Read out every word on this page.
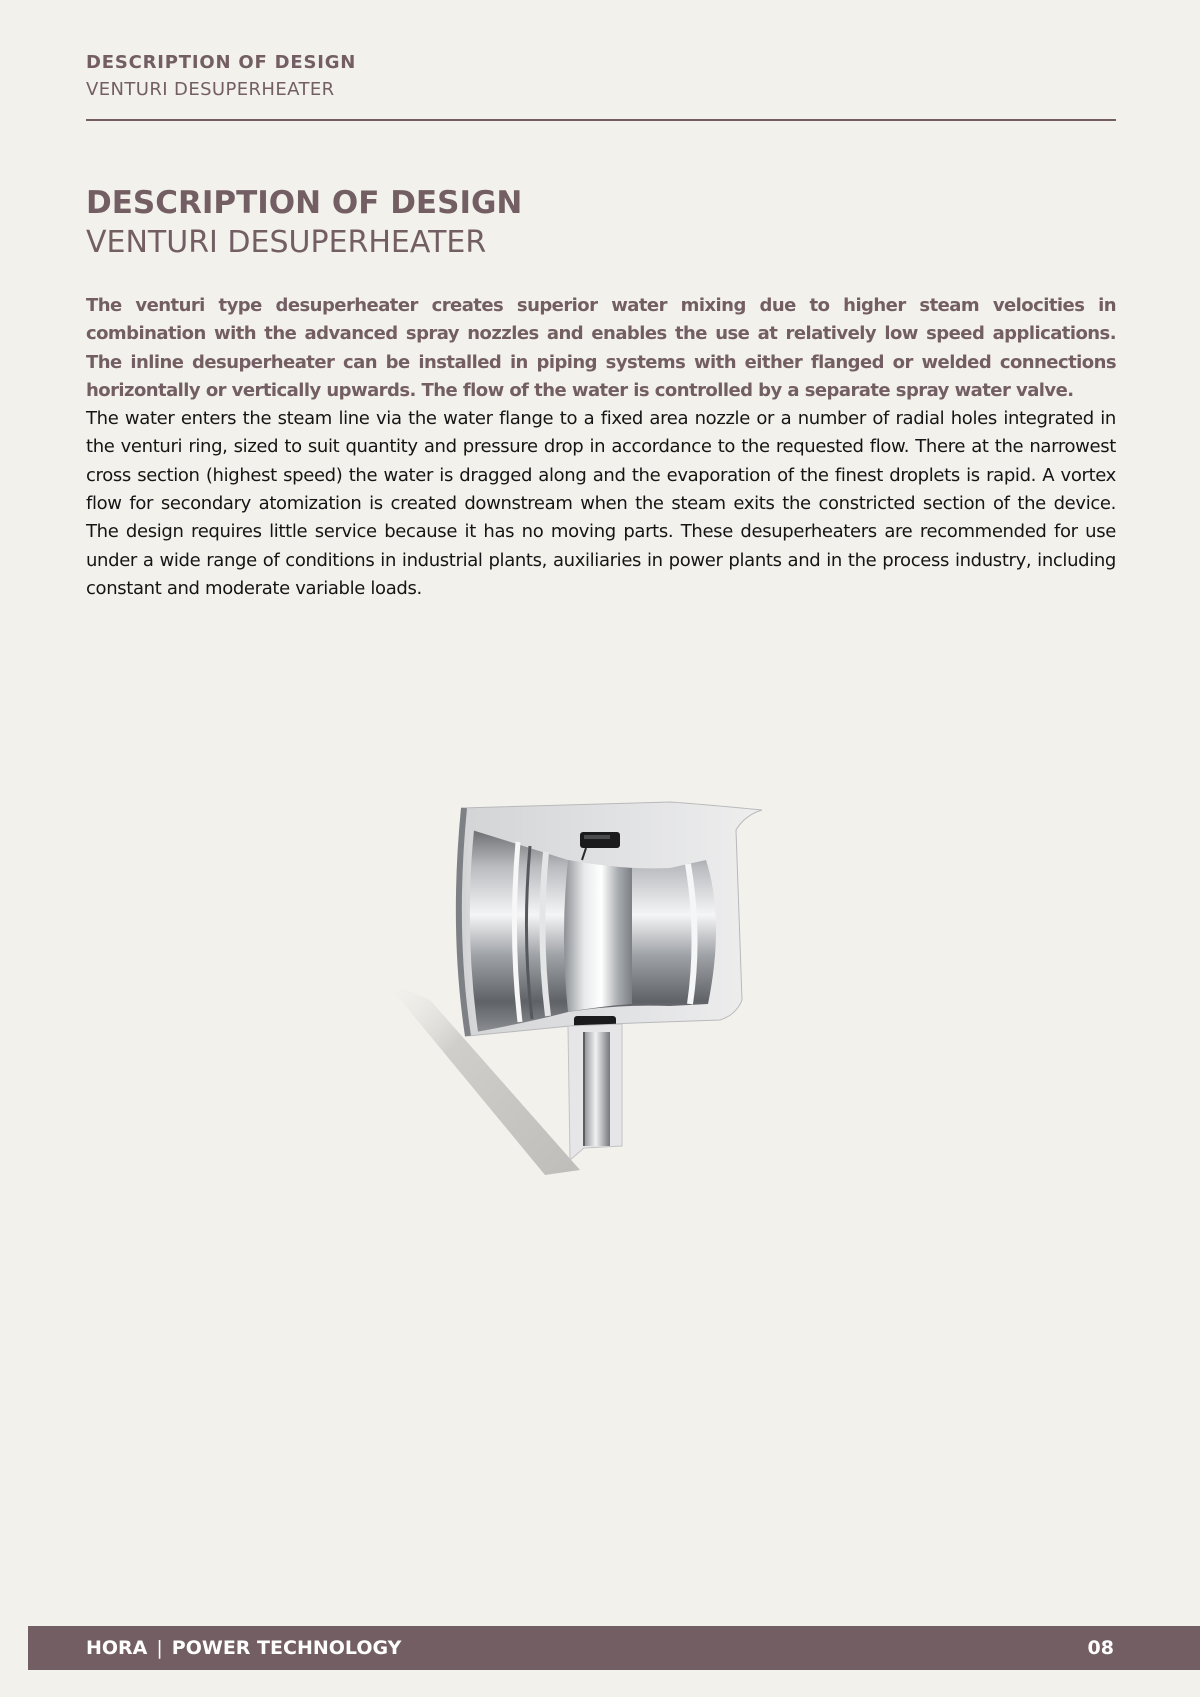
DESCRIPTION OF DESIGN
VENTURI DESUPERHEATER
DESCRIPTION OF DESIGN
VENTURI DESUPERHEATER

The venturi type desuperheater creates superior water mixing due to higher steam velocities in combination with the advanced spray nozzles and enables the use at relatively low speed applications. The inline desuperheater can be installed in piping systems with either flanged or welded connections horizontally or vertically upwards. The flow of the water is controlled by a separate spray water valve.

The water enters the steam line via the water flange to a fixed area nozzle or a number of radial holes integrated in the venturi ring, sized to suit quantity and pressure drop in accordance to the requested flow. There at the narrowest cross section (highest speed) the water is dragged along and the evaporation of the finest droplets is rapid. A vortex flow for secondary atomization is created downstream when the steam exits the constricted section of the device. The design requires little service because it has no moving parts. These desuperheaters are recommended for use under a wide range of conditions in industrial plants, auxiliaries in power plants and in the process industry, including constant and moderate variable loads.

HORA | POWER TECHNOLOGY	08
